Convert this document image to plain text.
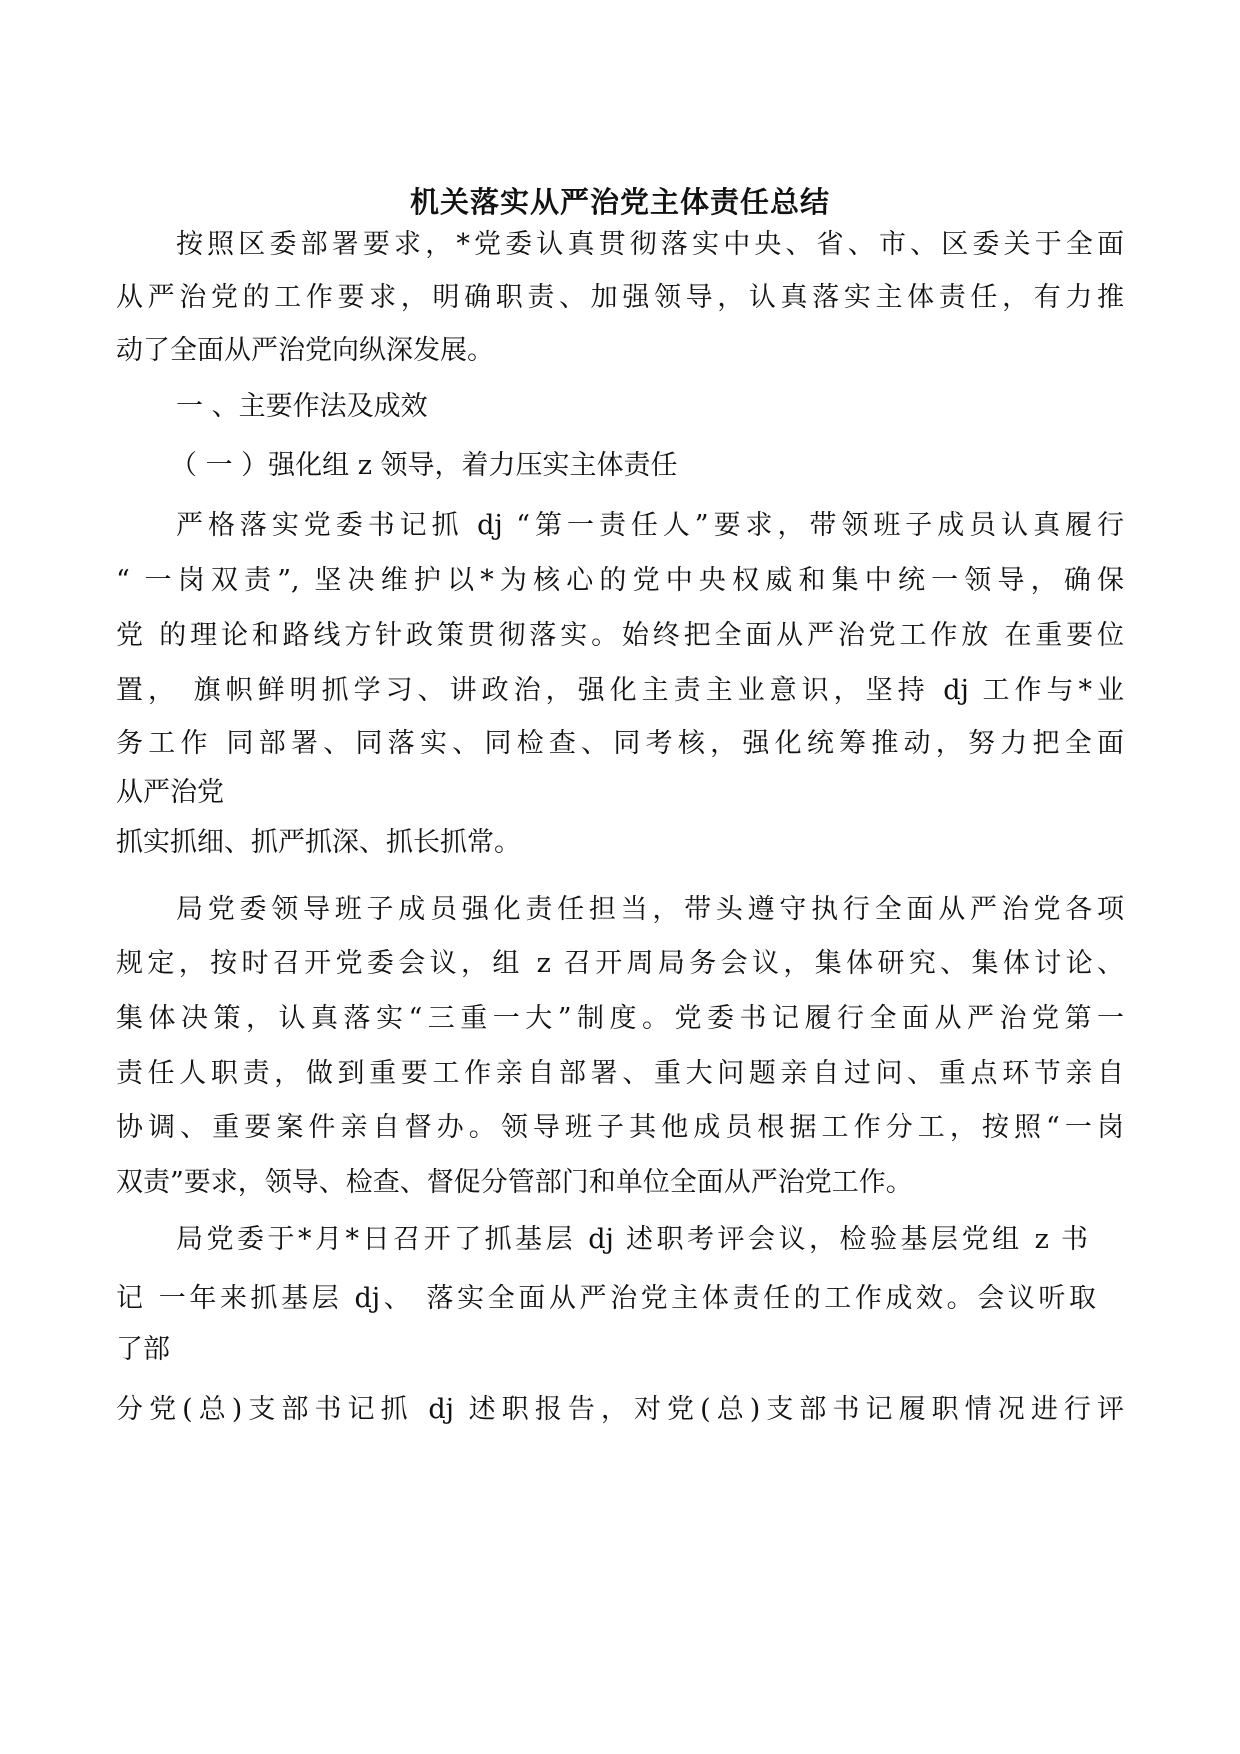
机关落实从严治党主体责任总结
按照区委部署要求，*党委认真贯彻落实中央、省、市、区委关于全面
从严治党的工作要求，明确职责、加强领导，认真落实主体责任，有力推
动了全面从严治党向纵深发展。
一 、主要作法及成效
（ 一 ）强化组 z 领导，着力压实主体责任
严格落实党委书记抓 dj “第一责任人”要求，带领班子成员认真履行
“ 一岗双责”, 坚决维护以*为核心的党中央权威和集中统一领导，确保
党 的理论和路线方针政策贯彻落实。始终把全面从严治党工作放 在重要位
置， 旗帜鲜明抓学习、讲政治，强化主责主业意识，坚持 dj 工作与*业
务工作 同部署、同落实、同检查、同考核，强化统筹推动，努力把全面
从严治党
抓实抓细、抓严抓深、抓长抓常。
局党委领导班子成员强化责任担当，带头遵守执行全面从严治党各项
规定，按时召开党委会议，组 z 召开周局务会议，集体研究、集体讨论、
集体决策，认真落实“三重一大”制度。党委书记履行全面从严治党第一
责任人职责，做到重要工作亲自部署、重大问题亲自过问、重点环节亲自
协调、重要案件亲自督办。领导班子其他成员根据工作分工，按照“一岗
双责”要求，领导、检查、督促分管部门和单位全面从严治党工作。
局党委于*月*日召开了抓基层 dj 述职考评会议，检验基层党组 z 书
记 一年来抓基层 dj、 落实全面从严治党主体责任的工作成效。会议听取
了部
分党(总)支部书记抓 dj 述职报告，对党(总)支部书记履职情况进行评
